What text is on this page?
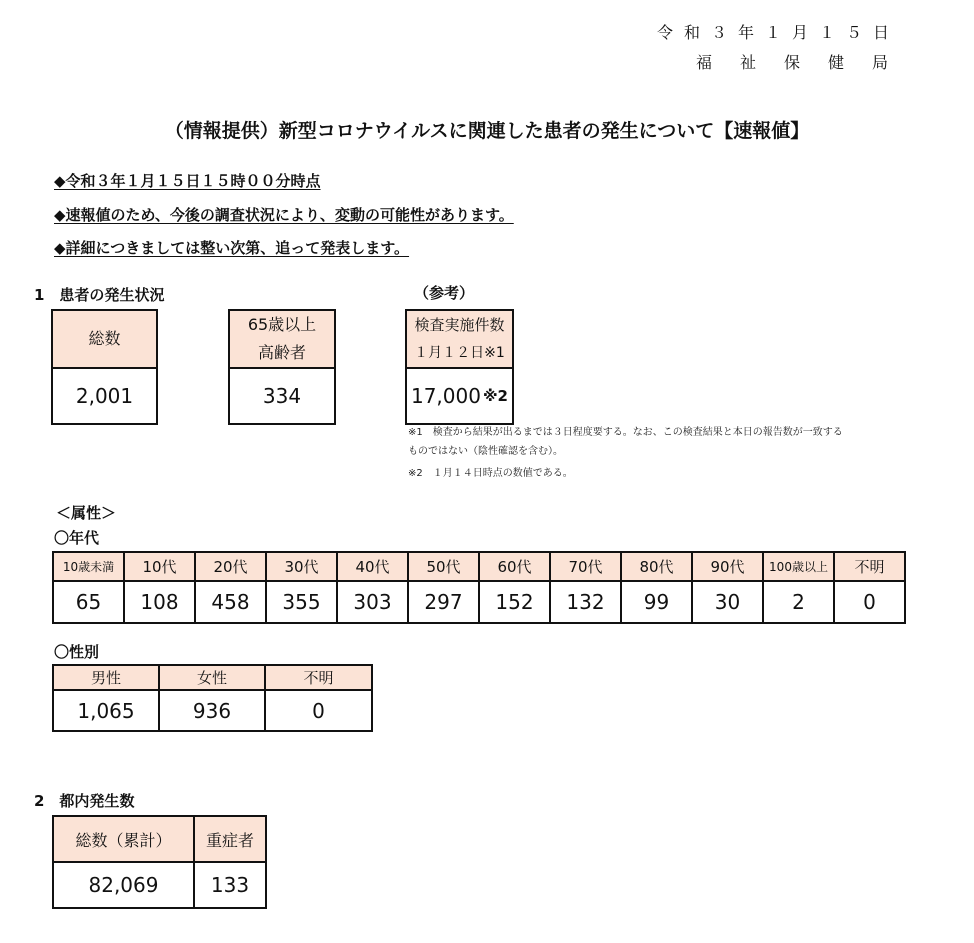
令和３年１月１５日
福祉保健局
（情報提供）新型コロナウイルスに関連した患者の発生について【速報値】
◆令和３年１月１５日１５時００分時点
◆速報値のため、今後の調査状況により、変動の可能性があります。
◆詳細につきましては整い次第、追って発表します。
1　患者の発生状況	（参考）
総数
2,001
65歳以上
高齢者
334
検査実施件数
１月１２日※1
17,000 ※2
※1　検査から結果が出るまでは３日程度要する。なお、この検査結果と本日の報告数が一致する
ものではない（陰性確認を含む）。
※2　１月１４日時点の数値である。
＜属性＞
〇年代
10歳未満	10代	20代	30代	40代	50代	60代	70代	80代	90代	100歳以上	不明
65	108	458	355	303	297	152	132	99	30	2	0
〇性別
男性	女性	不明
1,065	936	0
2　都内発生数
総数（累計）	重症者
82,069	133
